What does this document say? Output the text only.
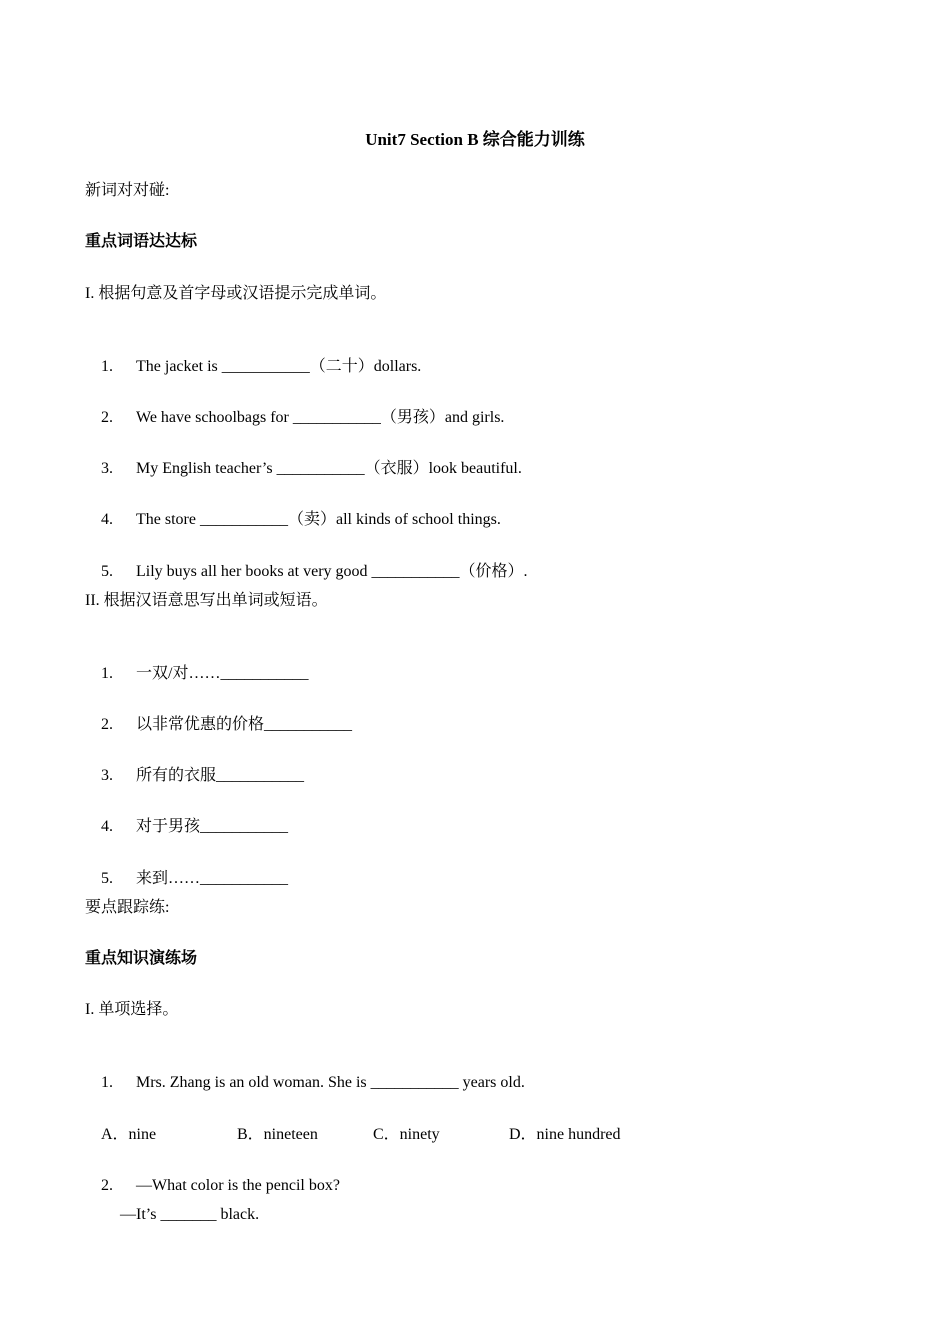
Unit7 Section B 综合能力训练
新词对对碰:
重点词语达达标
I. 根据句意及首字母或汉语提示完成单词。

1. The jacket is ___________（二十）dollars.

2. We have schoolbags for ___________（男孩）and girls.

3. My English teacher’s ___________（衣服）look beautiful.

4. The store ___________（卖）all kinds of school things.

5. Lily buys all her books at very good ___________（价格）.

II. 根据汉语意思写出单词或短语。

1. 一双/对……___________

2. 以非常优惠的价格___________

3. 所有的衣服___________

4. 对于男孩___________

5. 来到……___________

要点跟踪练:
重点知识演练场
I. 单项选择。

1. Mrs. Zhang is an old woman. She is ___________ years old.

A．nine	B．nineteen	C．ninety	D．nine hundred

2. —What color is the pencil box?

—It’s _______ black.
